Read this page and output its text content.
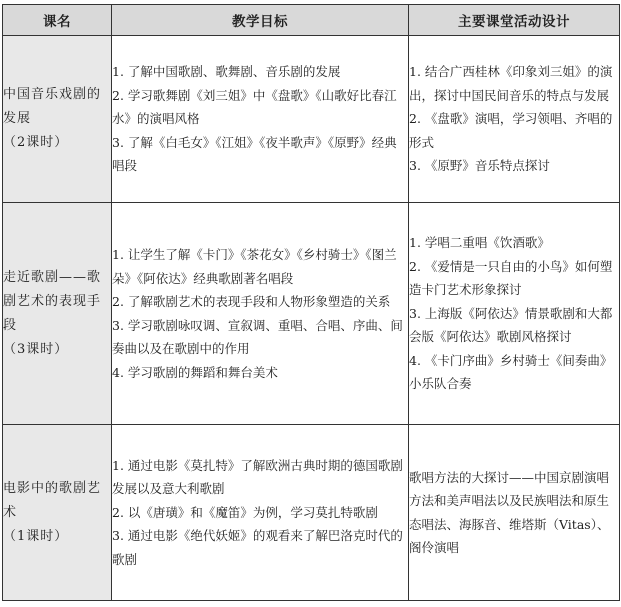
课名	教学目标	主要课堂活动设计

中国音乐戏剧的发展
（2课时）	1. 了解中国歌剧、歌舞剧、音乐剧的发展
2. 学习歌舞剧《刘三姐》中《盘歌》《山歌好比春江水》的演唱风格
3. 了解《白毛女》《江姐》《夜半歌声》《原野》经典唱段	1. 结合广西桂林《印象刘三姐》的演出，探讨中国民间音乐的特点与发展
2. 《盘歌》演唱，学习领唱、齐唱的形式
3. 《原野》音乐特点探讨

走近歌剧——歌剧艺术的表现手段
（3课时）	1. 让学生了解《卡门》《茶花女》《乡村骑士》《图兰朵》《阿依达》经典歌剧著名唱段
2. 了解歌剧艺术的表现手段和人物形象塑造的关系
3. 学习歌剧咏叹调、宣叙调、重唱、合唱、序曲、间奏曲以及在歌剧中的作用
4. 学习歌剧的舞蹈和舞台美术	1. 学唱二重唱《饮酒歌》
2. 《爱情是一只自由的小鸟》如何塑造卡门艺术形象探讨
3. 上海版《阿依达》情景歌剧和大都会版《阿依达》歌剧风格探讨
4. 《卡门序曲》乡村骑士《间奏曲》小乐队合奏

电影中的歌剧艺术
（1课时）	1. 通过电影《莫扎特》了解欧洲古典时期的德国歌剧发展以及意大利歌剧
2. 以《唐璜》和《魔笛》为例，学习莫扎特歌剧
3. 通过电影《绝代妖姬》的观看来了解巴洛克时代的歌剧	歌唱方法的大探讨——中国京剧演唱方法和美声唱法以及民族唱法和原生态唱法、海豚音、维塔斯（Vitas）、阁伶演唱
